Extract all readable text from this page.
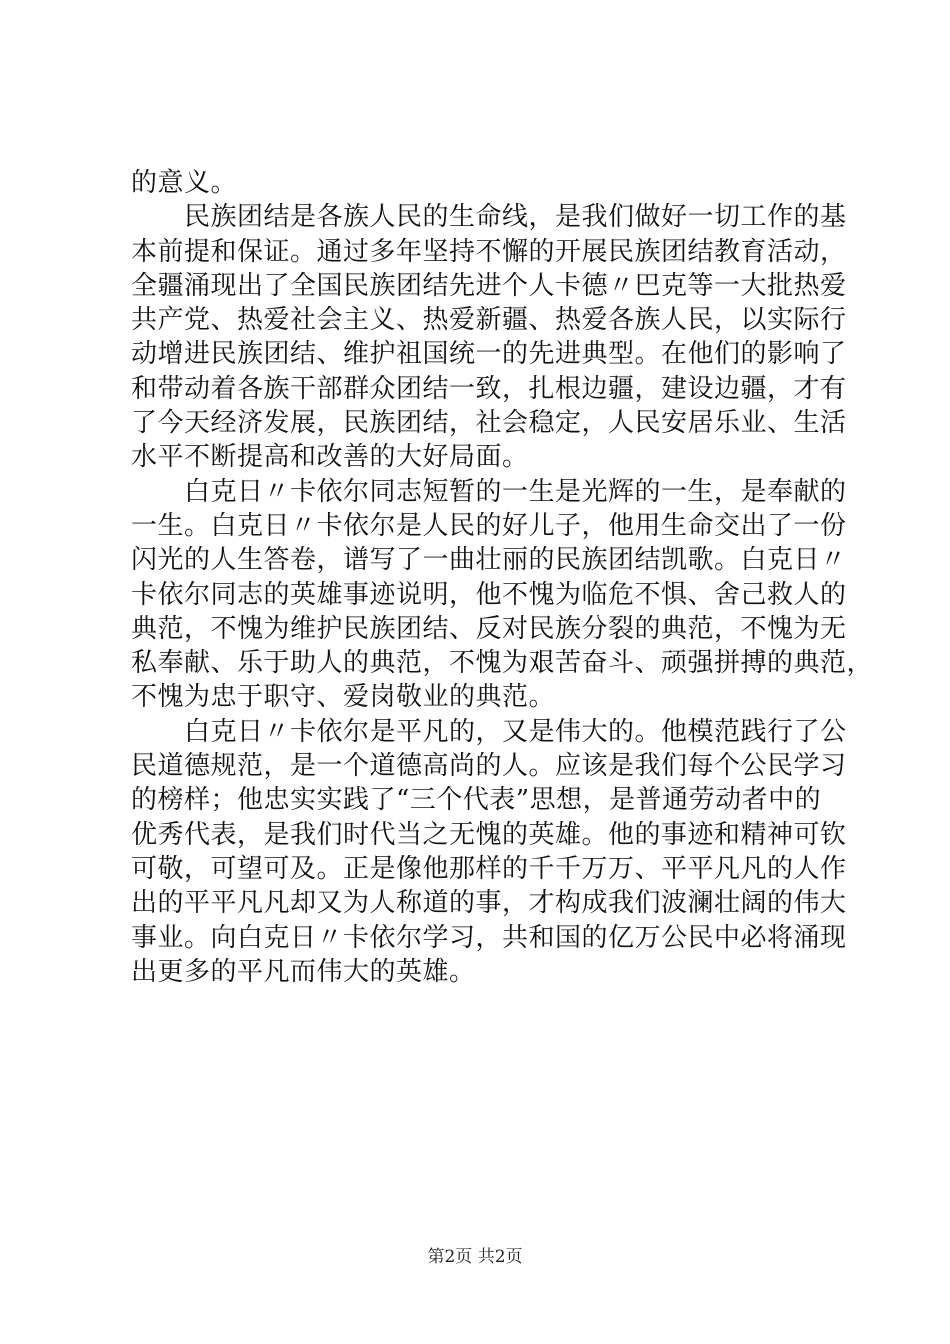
的意义。
　　民族团结是各族人民的生命线，是我们做好一切工作的基
本前提和保证。通过多年坚持不懈的开展民族团结教育活动，
全疆涌现出了全国民族团结先进个人卡德〃巴克等一大批热爱
共产党、热爱社会主义、热爱新疆、热爱各族人民，以实际行
动增进民族团结、维护祖国统一的先进典型。在他们的影响了
和带动着各族干部群众团结一致，扎根边疆，建设边疆，才有
了今天经济发展，民族团结，社会稳定，人民安居乐业、生活
水平不断提高和改善的大好局面。
　　白克日〃卡依尔同志短暂的一生是光辉的一生，是奉献的
一生。白克日〃卡依尔是人民的好儿子，他用生命交出了一份
闪光的人生答卷，谱写了一曲壮丽的民族团结凯歌。白克日〃
卡依尔同志的英雄事迹说明，他不愧为临危不惧、舍己救人的
典范，不愧为维护民族团结、反对民族分裂的典范，不愧为无
私奉献、乐于助人的典范，不愧为艰苦奋斗、顽强拼搏的典范，
不愧为忠于职守、爱岗敬业的典范。
　　白克日〃卡依尔是平凡的，又是伟大的。他模范践行了公
民道德规范，是一个道德高尚的人。应该是我们每个公民学习
的榜样；他忠实实践了“三个代表”思想，是普通劳动者中的
优秀代表，是我们时代当之无愧的英雄。他的事迹和精神可钦
可敬，可望可及。正是像他那样的千千万万、平平凡凡的人作
出的平平凡凡却又为人称道的事，才构成我们波澜壮阔的伟大
事业。向白克日〃卡依尔学习，共和国的亿万公民中必将涌现
出更多的平凡而伟大的英雄。
第2页 共2页
